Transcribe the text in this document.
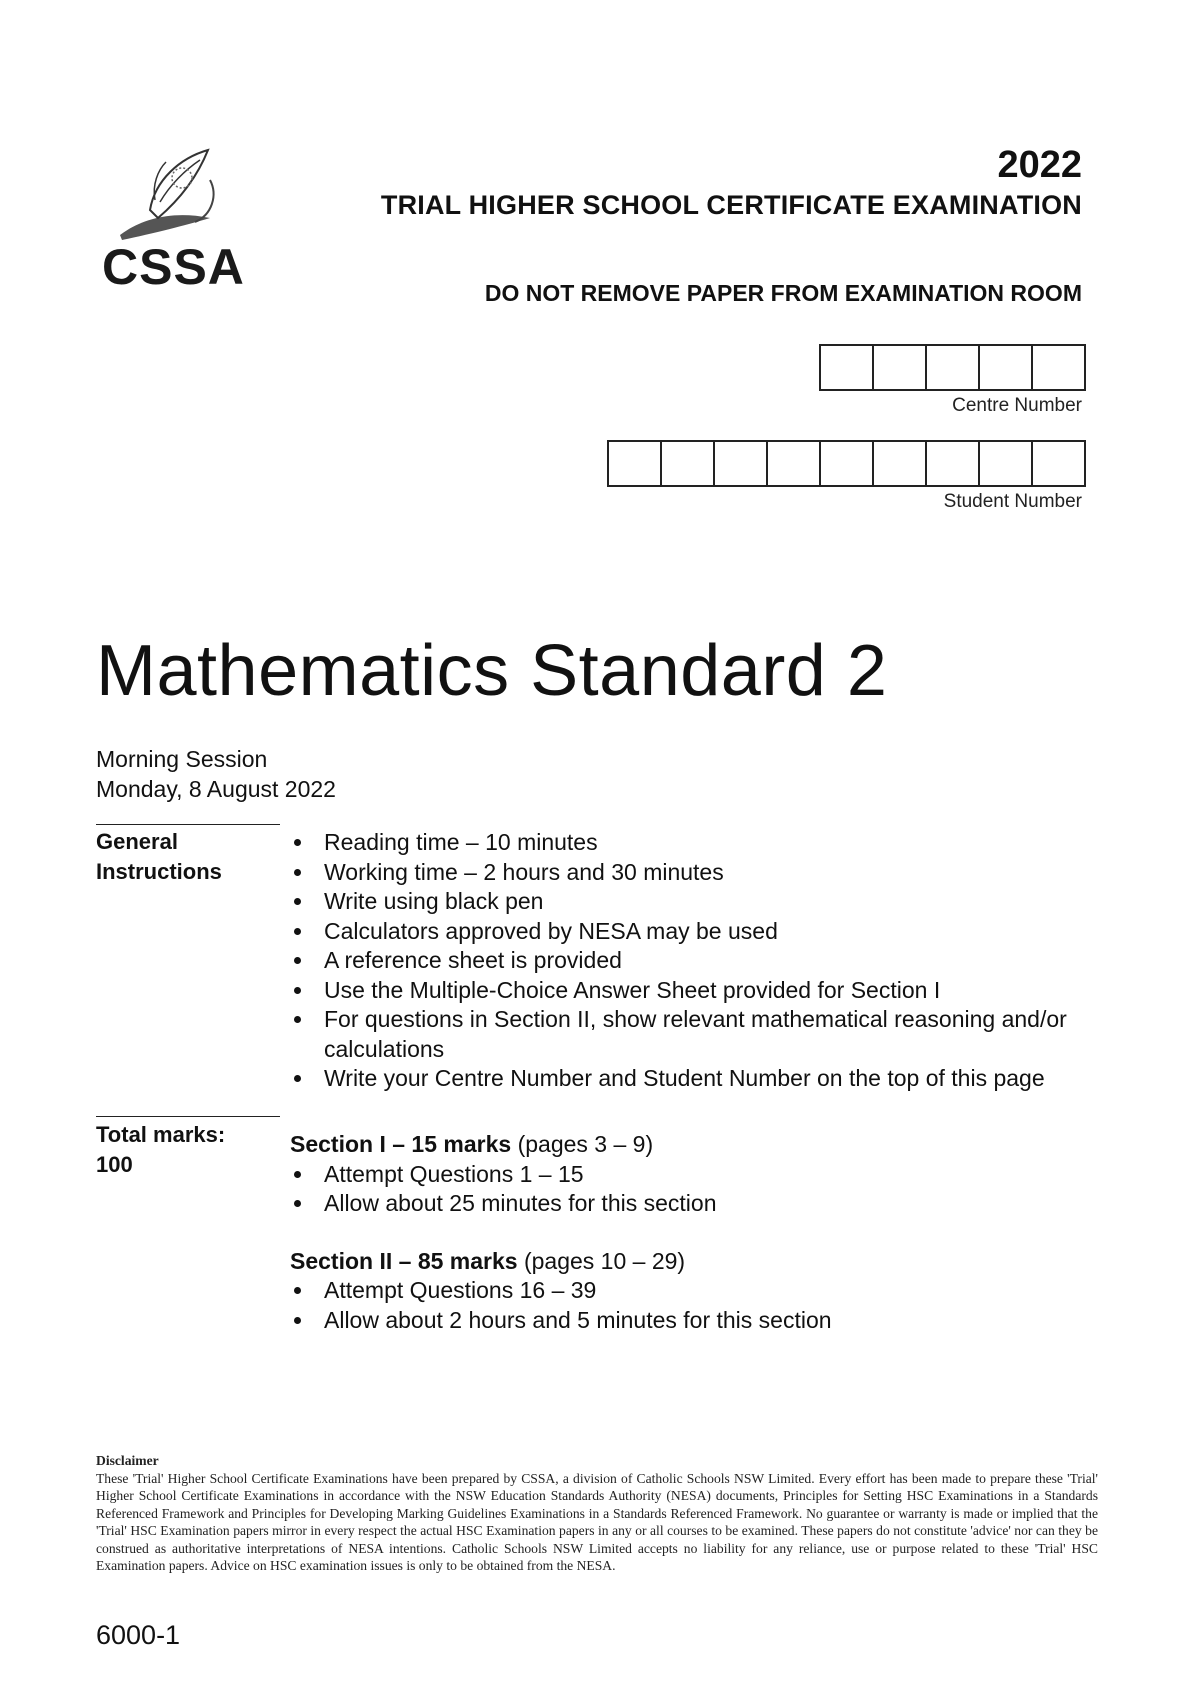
CSSA
2022
TRIAL HIGHER SCHOOL CERTIFICATE EXAMINATION
DO NOT REMOVE PAPER FROM EXAMINATION ROOM
Centre Number
Student Number
Mathematics Standard 2
Morning Session
Monday, 8 August 2022
General
Instructions
Reading time – 10 minutes
Working time – 2 hours and 30 minutes
Write using black pen
Calculators approved by NESA may be used
A reference sheet is provided
Use the Multiple-Choice Answer Sheet provided for Section I
For questions in Section II, show relevant mathematical reasoning and/or calculations
Write your Centre Number and Student Number on the top of this page
Total marks:
100
Section I – 15 marks (pages 3 – 9)
Attempt Questions 1 – 15
Allow about 25 minutes for this section
Section II – 85 marks (pages 10 – 29)
Attempt Questions 16 – 39
Allow about 2 hours and 5 minutes for this section
Disclaimer
These 'Trial' Higher School Certificate Examinations have been prepared by CSSA, a division of Catholic Schools NSW Limited. Every effort has been made to prepare these 'Trial' Higher School Certificate Examinations in accordance with the NSW Education Standards Authority (NESA) documents, Principles for Setting HSC Examinations in a Standards Referenced Framework and Principles for Developing Marking Guidelines Examinations in a Standards Referenced Framework. No guarantee or warranty is made or implied that the 'Trial' HSC Examination papers mirror in every respect the actual HSC Examination papers in any or all courses to be examined. These papers do not constitute 'advice' nor can they be construed as authoritative interpretations of NESA intentions. Catholic Schools NSW Limited accepts no liability for any reliance, use or purpose related to these 'Trial' HSC Examination papers. Advice on HSC examination issues is only to be obtained from the NESA.
6000-1
